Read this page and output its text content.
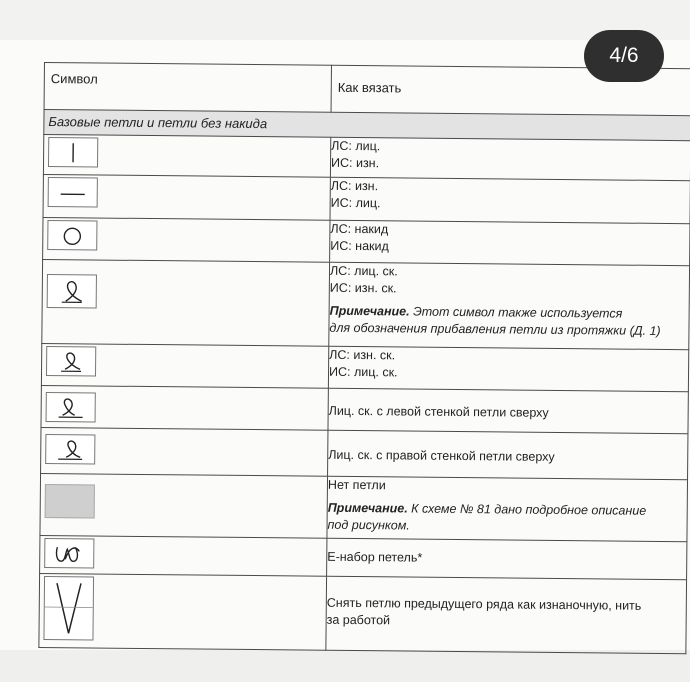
Символ	Как вязать
Базовые петли и петли без накида	

ЛС: лиц.
ИС: изн.

ЛС: изн.
ИС: лиц.

ЛС: накид
ИС: накид

ЛС: лиц. ск.
ИС: изн. ск.
Примечание. Этот символ также используется
для обозначения прибавления петли из протяжки (Д. 1)

ЛС: изн. ск.
ИС: лиц. ск.

Лиц. ск. с левой стенкой петли сверху

Лиц. ск. с правой стенкой петли сверху

	Нет петли
Примечание. К схеме № 81 дано подробное описание
под рисунком.

Е-набор петель*

Снять петлю предыдущего ряда как изнаночную, нить
за работой
4/6
